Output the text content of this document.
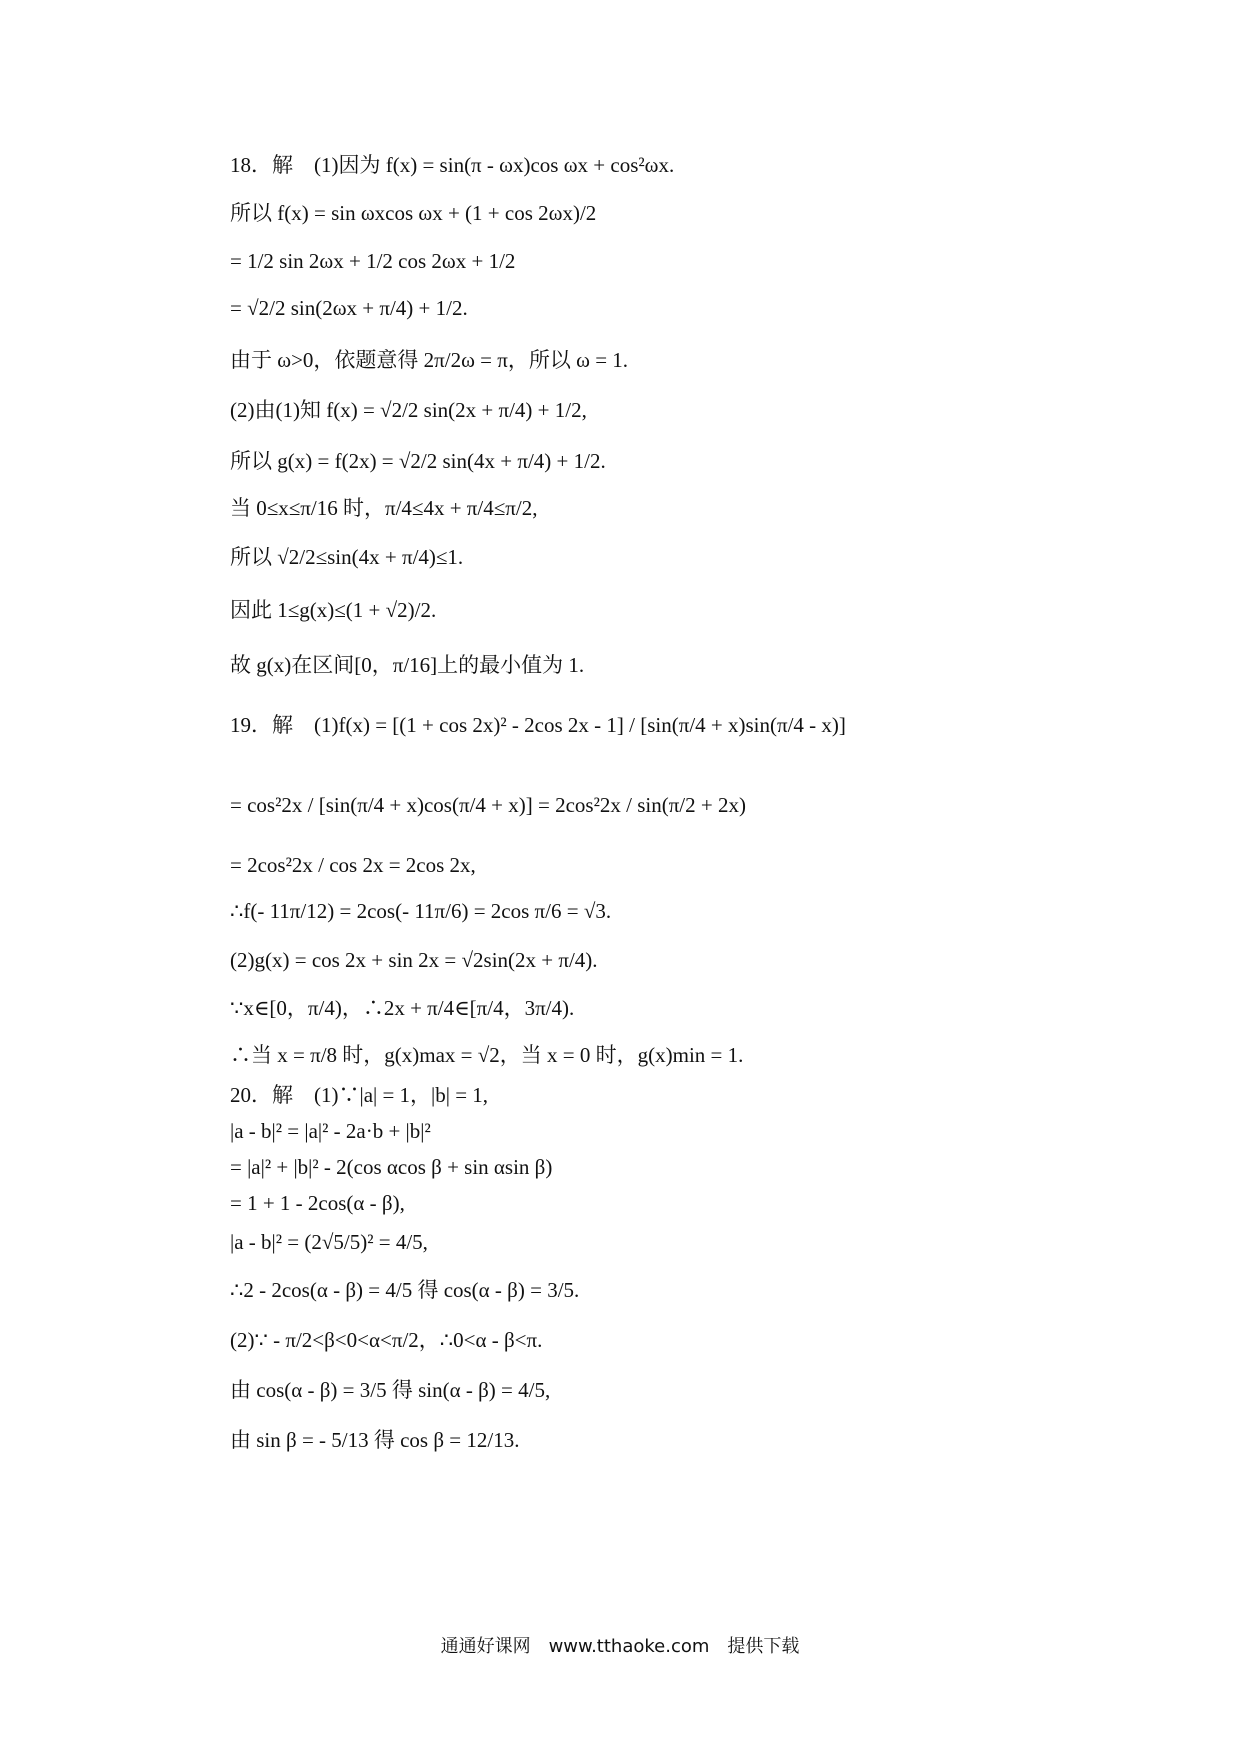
18．解　(1)因为 f(x) = sin(π - ωx)cos ωx + cos²ωx.
所以 f(x) = sin ωxcos ωx + (1 + cos 2ωx)/2
= 1/2 sin 2ωx + 1/2 cos 2ωx + 1/2
= √2/2 sin(2ωx + π/4) + 1/2.
由于 ω>0，依题意得 2π/2ω = π，所以 ω = 1.
(2)由(1)知 f(x) = √2/2 sin(2x + π/4) + 1/2,
所以 g(x) = f(2x) = √2/2 sin(4x + π/4) + 1/2.
当 0≤x≤π/16 时，π/4≤4x + π/4≤π/2,
所以 √2/2≤sin(4x + π/4)≤1.
因此 1≤g(x)≤(1 + √2)/2.
故 g(x)在区间[0，π/16]上的最小值为 1.
19．解　(1)f(x) = [(1 + cos 2x)² - 2cos 2x - 1] / [sin(π/4 + x)sin(π/4 - x)]
= cos²2x / [sin(π/4 + x)cos(π/4 + x)] = 2cos²2x / sin(π/2 + 2x)
= 2cos²2x / cos 2x = 2cos 2x,
∴f(- 11π/12) = 2cos(- 11π/6) = 2cos π/6 = √3.
(2)g(x) = cos 2x + sin 2x = √2sin(2x + π/4).
∵x∈[0，π/4)，∴2x + π/4∈[π/4，3π/4).
∴当 x = π/8 时，g(x)max = √2，当 x = 0 时，g(x)min = 1.
20．解　(1)∵|a| = 1，|b| = 1,
|a - b|² = |a|² - 2a·b + |b|²
= |a|² + |b|² - 2(cos αcos β + sin αsin β)
= 1 + 1 - 2cos(α - β),
|a - b|² = (2√5/5)² = 4/5,
∴2 - 2cos(α - β) = 4/5 得 cos(α - β) = 3/5.
(2)∵ - π/2<β<0<α<π/2，∴0<α - β<π.
由 cos(α - β) = 3/5 得 sin(α - β) = 4/5,
由 sin β = - 5/13 得 cos β = 12/13.
通通好课网　www.tthaoke.com　提供下载
